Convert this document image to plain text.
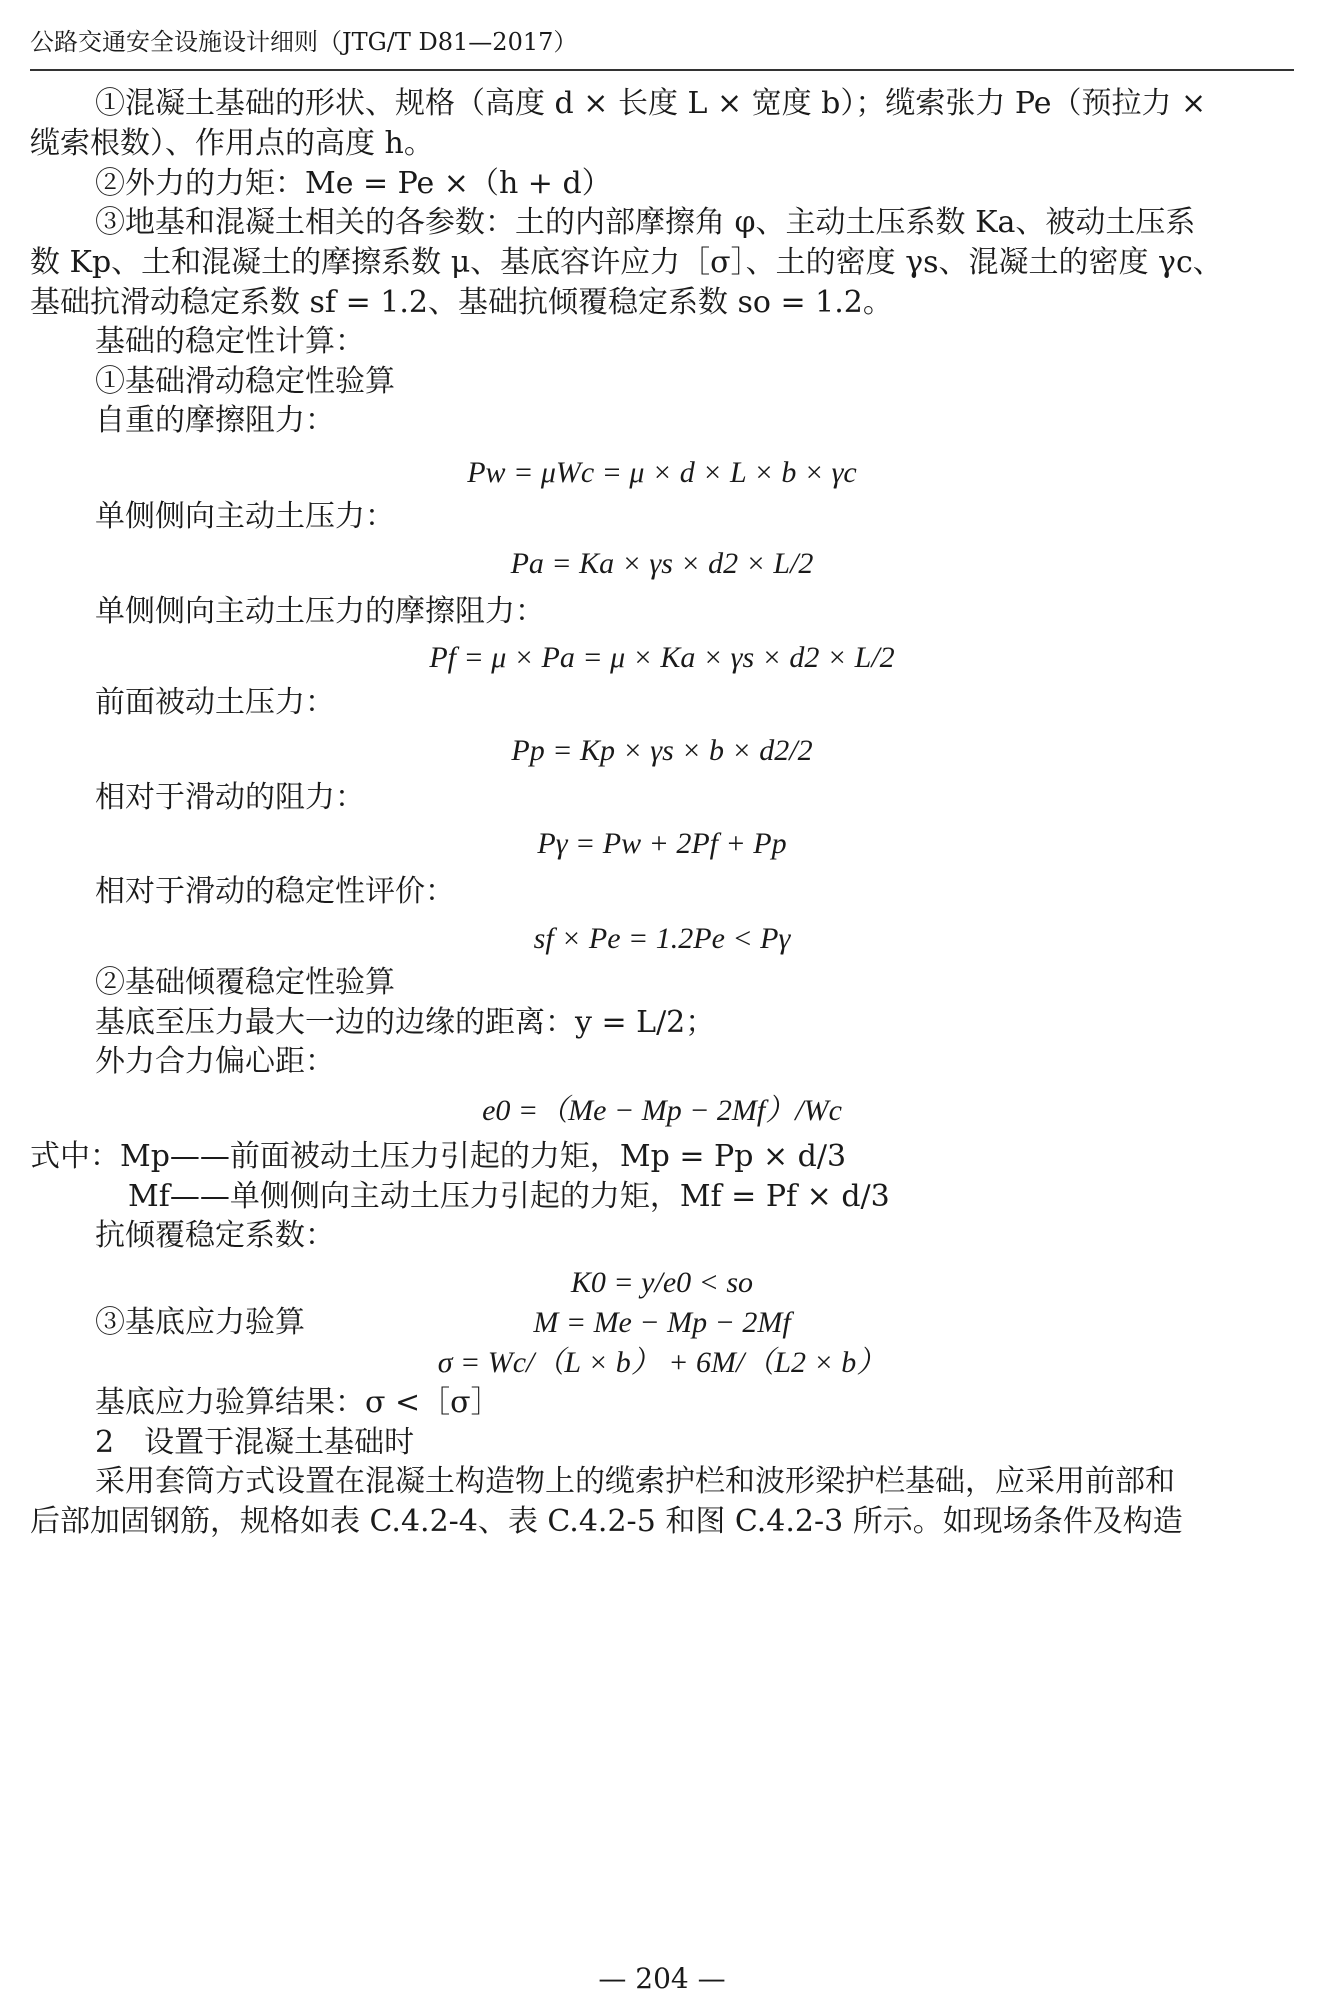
公路交通安全设施设计细则（JTG/T D81—2017）
①混凝土基础的形状、规格（高度 d × 长度 L × 宽度 b）；缆索张力 Pe（预拉力 ×
缆索根数）、作用点的高度 h。
②外力的力矩：Me = Pe ×（h + d）
③地基和混凝土相关的各参数：土的内部摩擦角 φ、主动土压系数 Ka、被动土压系
数 Kp、土和混凝土的摩擦系数 μ、基底容许应力［σ］、土的密度 γs、混凝土的密度 γc、
基础抗滑动稳定系数 sf = 1.2、基础抗倾覆稳定系数 so = 1.2。
基础的稳定性计算：
①基础滑动稳定性验算
自重的摩擦阻力：
Pw = μWc = μ × d × L × b × γc
单侧侧向主动土压力：
Pa = Ka × γs × d2 × L/2
单侧侧向主动土压力的摩擦阻力：
Pf = μ × Pa = μ × Ka × γs × d2 × L/2
前面被动土压力：
Pp = Kp × γs × b × d2/2
相对于滑动的阻力：
Pγ = Pw + 2Pf + Pp
相对于滑动的稳定性评价：
sf × Pe = 1.2Pe < Pγ
②基础倾覆稳定性验算
基底至压力最大一边的边缘的距离：y = L/2；
外力合力偏心距：
e0 =（Me − Mp − 2Mf）/Wc
式中：Mp——前面被动土压力引起的力矩，Mp = Pp × d/3
Mf——单侧侧向主动土压力引起的力矩，Mf = Pf × d/3
抗倾覆稳定系数：
K0 = y/e0 < so
③基底应力验算	M = Me − Mp − 2Mf
σ = Wc/（L × b） + 6M/（L2 × b）
基底应力验算结果：σ <［σ］
2　设置于混凝土基础时
采用套筒方式设置在混凝土构造物上的缆索护栏和波形梁护栏基础，应采用前部和
后部加固钢筋，规格如表 C.4.2-4、表 C.4.2-5 和图 C.4.2-3 所示。如现场条件及构造
— 204 —
